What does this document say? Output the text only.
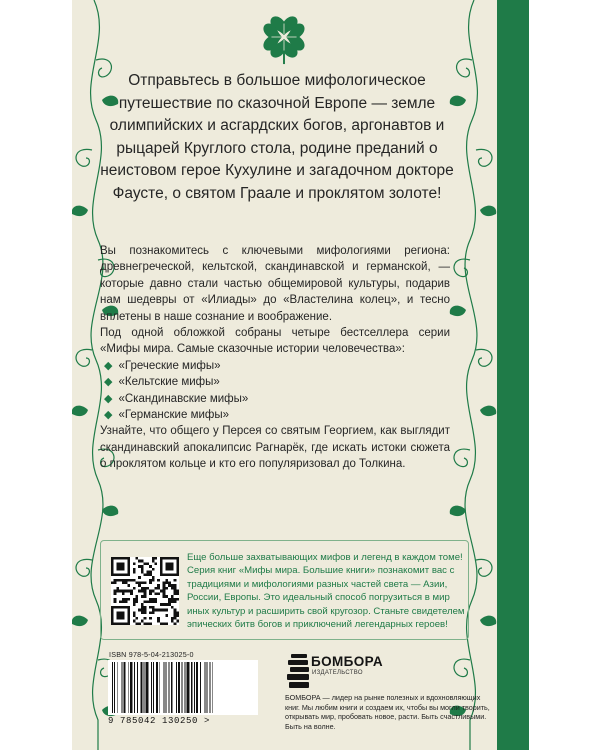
Отправьтесь в большое мифологическое путешествие по сказочной Европе — земле олимпийских и асгардских богов, аргонавтов и рыцарей Круглого стола, родине преданий о неистовом герое Кухулине и загадочном докторе Фаусте, о святом Граале и проклятом золоте!

Вы познакомитесь с ключевыми мифологиями региона: древнегреческой, кельтской, скандинавской и германской, — которые давно стали частью общемировой культуры, подарив нам шедевры от «Илиады» до «Властелина колец», и тесно вплетены в наше сознание и воображение.

Под одной обложкой собраны четыре бестселлера серии «Мифы мира. Самые сказочные истории человечества»:

◆ «Греческие мифы»
◆ «Кельтские мифы»
◆ «Скандинавские мифы»
◆ «Германские мифы»

Узнайте, что общего у Персея со святым Георгием, как выглядит скандинавский апокалипсис Рагнарёк, где искать истоки сюжета о проклятом кольце и кто его популяризовал до Толкина.

Еще больше захватывающих мифов и легенд в каждом томе! Серия книг «Мифы мира. Большие книги» познакомит вас с традициями и мифологиями разных частей света — Азии, России, Европы. Это идеальный способ погрузиться в мир иных культур и расширить свой кругозор. Станьте свидетелем эпических битв богов и приключений легендарных героев!

ISBN 978-5-04-213025-0
9 785042 130250 >
БОМБОРА
ИЗДАТЕЛЬСТВО

БОМБОРА — лидер на рынке полезных и вдохновляющих книг. Мы любим книги и создаем их, чтобы вы могли творить, открывать мир, пробовать новое, расти. Быть счастливыми. Быть на волне.
